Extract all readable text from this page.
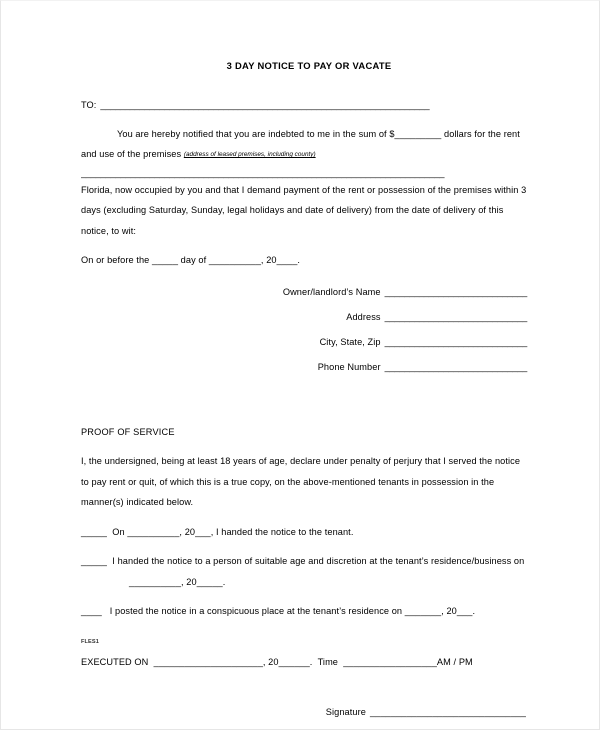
3 DAY NOTICE TO PAY OR VACATE
TO: ___________________________________________________________________

You are hereby notified that you are indebted to me in the sum of $_________ dollars for the rent and use of the premises (address of leased premises, including county)

__________________________________________________________________________

Florida, now occupied by you and that I demand payment of the rent or possession of the premises within 3 days (excluding Saturday, Sunday, legal holidays and date of delivery) from the date of delivery of this notice, to wit:

On or before the _____ day of __________, 20____.

Owner/landlord’s Name _____________________________
Address _____________________________
City, State, Zip _____________________________
Phone Number _____________________________

PROOF OF SERVICE

I, the undersigned, being at least 18 years of age, declare under penalty of perjury that I served the notice to pay rent or quit, of which this is a true copy, on the above-mentioned tenants in possession in the manner(s) indicated below.

_____  On __________, 20___, I handed the notice to the tenant.

_____  I handed the notice to a person of suitable age and discretion at the tenant’s residence/business on __________, 20_____.

____   I posted the notice in a conspicuous place at the tenant’s residence on _______, 20___.

EXECUTED ON  _____________________, 20______.  Time  __________________AM / PM

Signature ______________________________
FLES1
